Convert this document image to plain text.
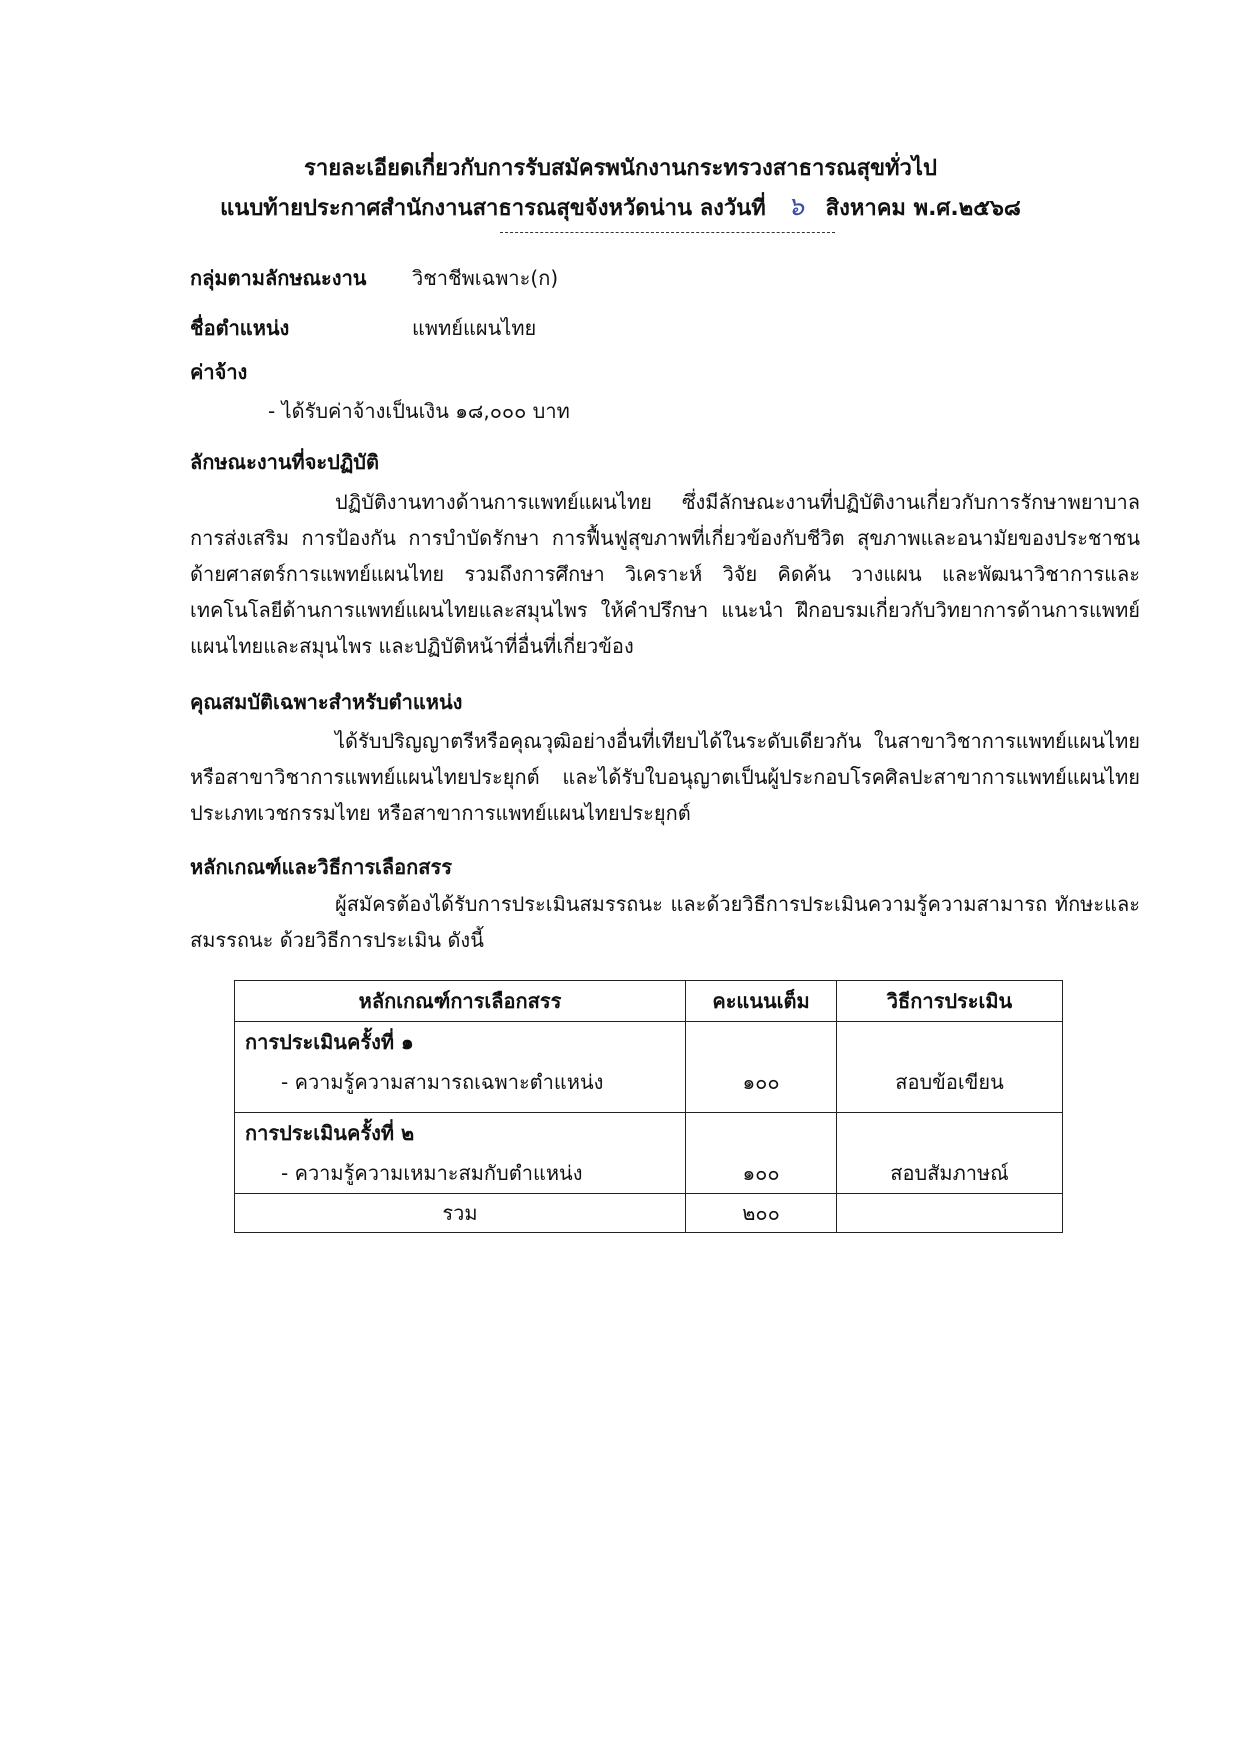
รายละเอียดเกี่ยวกับการรับสมัครพนักงานกระทรวงสาธารณสุขทั่วไป
แนบท้ายประกาศสำนักงานสาธารณสุขจังหวัดน่าน ลงวันที่ ๖ สิงหาคม พ.ศ.๒๕๖๘
กลุ่มตามลักษณะงาน วิชาชีพเฉพาะ(ก)
ชื่อตำแหน่ง	แพทย์แผนไทย
ค่าจ้าง
- ได้รับค่าจ้างเป็นเงิน ๑๘,๐๐๐ บาท
ลักษณะงานที่จะปฏิบัติ
ปฏิบัติงานทางด้านการแพทย์แผนไทย ซึ่งมีลักษณะงานที่ปฏิบัติงานเกี่ยวกับการรักษาพยาบาล การส่งเสริม การป้องกัน การบำบัดรักษา การฟื้นฟูสุขภาพที่เกี่ยวข้องกับชีวิต สุขภาพและอนามัยของประชาชนด้ายศาสตร์การแพทย์แผนไทย รวมถึงการศึกษา วิเคราะห์ วิจัย คิดค้น วางแผน และพัฒนาวิชาการและเทคโนโลยีด้านการแพทย์แผนไทยและสมุนไพร ให้คำปรึกษา แนะนำ ฝึกอบรมเกี่ยวกับวิทยาการด้านการแพทย์แผนไทยและสมุนไพร และปฏิบัติหน้าที่อื่นที่เกี่ยวข้อง
คุณสมบัติเฉพาะสำหรับตำแหน่ง
ได้รับปริญญาตรีหรือคุณวุฒิอย่างอื่นที่เทียบได้ในระดับเดียวกัน ในสาขาวิชาการแพทย์แผนไทยหรือสาขาวิชาการแพทย์แผนไทยประยุกต์ และได้รับใบอนุญาตเป็นผู้ประกอบโรคศิลปะสาขาการแพทย์แผนไทยประเภทเวชกรรมไทย หรือสาขาการแพทย์แผนไทยประยุกต์
หลักเกณฑ์และวิธีการเลือกสรร
ผู้สมัครต้องได้รับการประเมินสมรรถนะ และด้วยวิธีการประเมินความรู้ความสามารถ ทักษะและสมรรถนะ ด้วยวิธีการประเมิน ดังนี้
หลักเกณฑ์การเลือกสรร	คะแนนเต็ม	วิธีการประเมิน

การประเมินครั้งที่ ๑
- ความรู้ความสามารถเฉพาะตำแหน่ง	๑๐๐	สอบข้อเขียน

การประเมินครั้งที่ ๒
- ความรู้ความเหมาะสมกับตำแหน่ง	๑๐๐	สอบสัมภาษณ์

รวม	๒๐๐	
